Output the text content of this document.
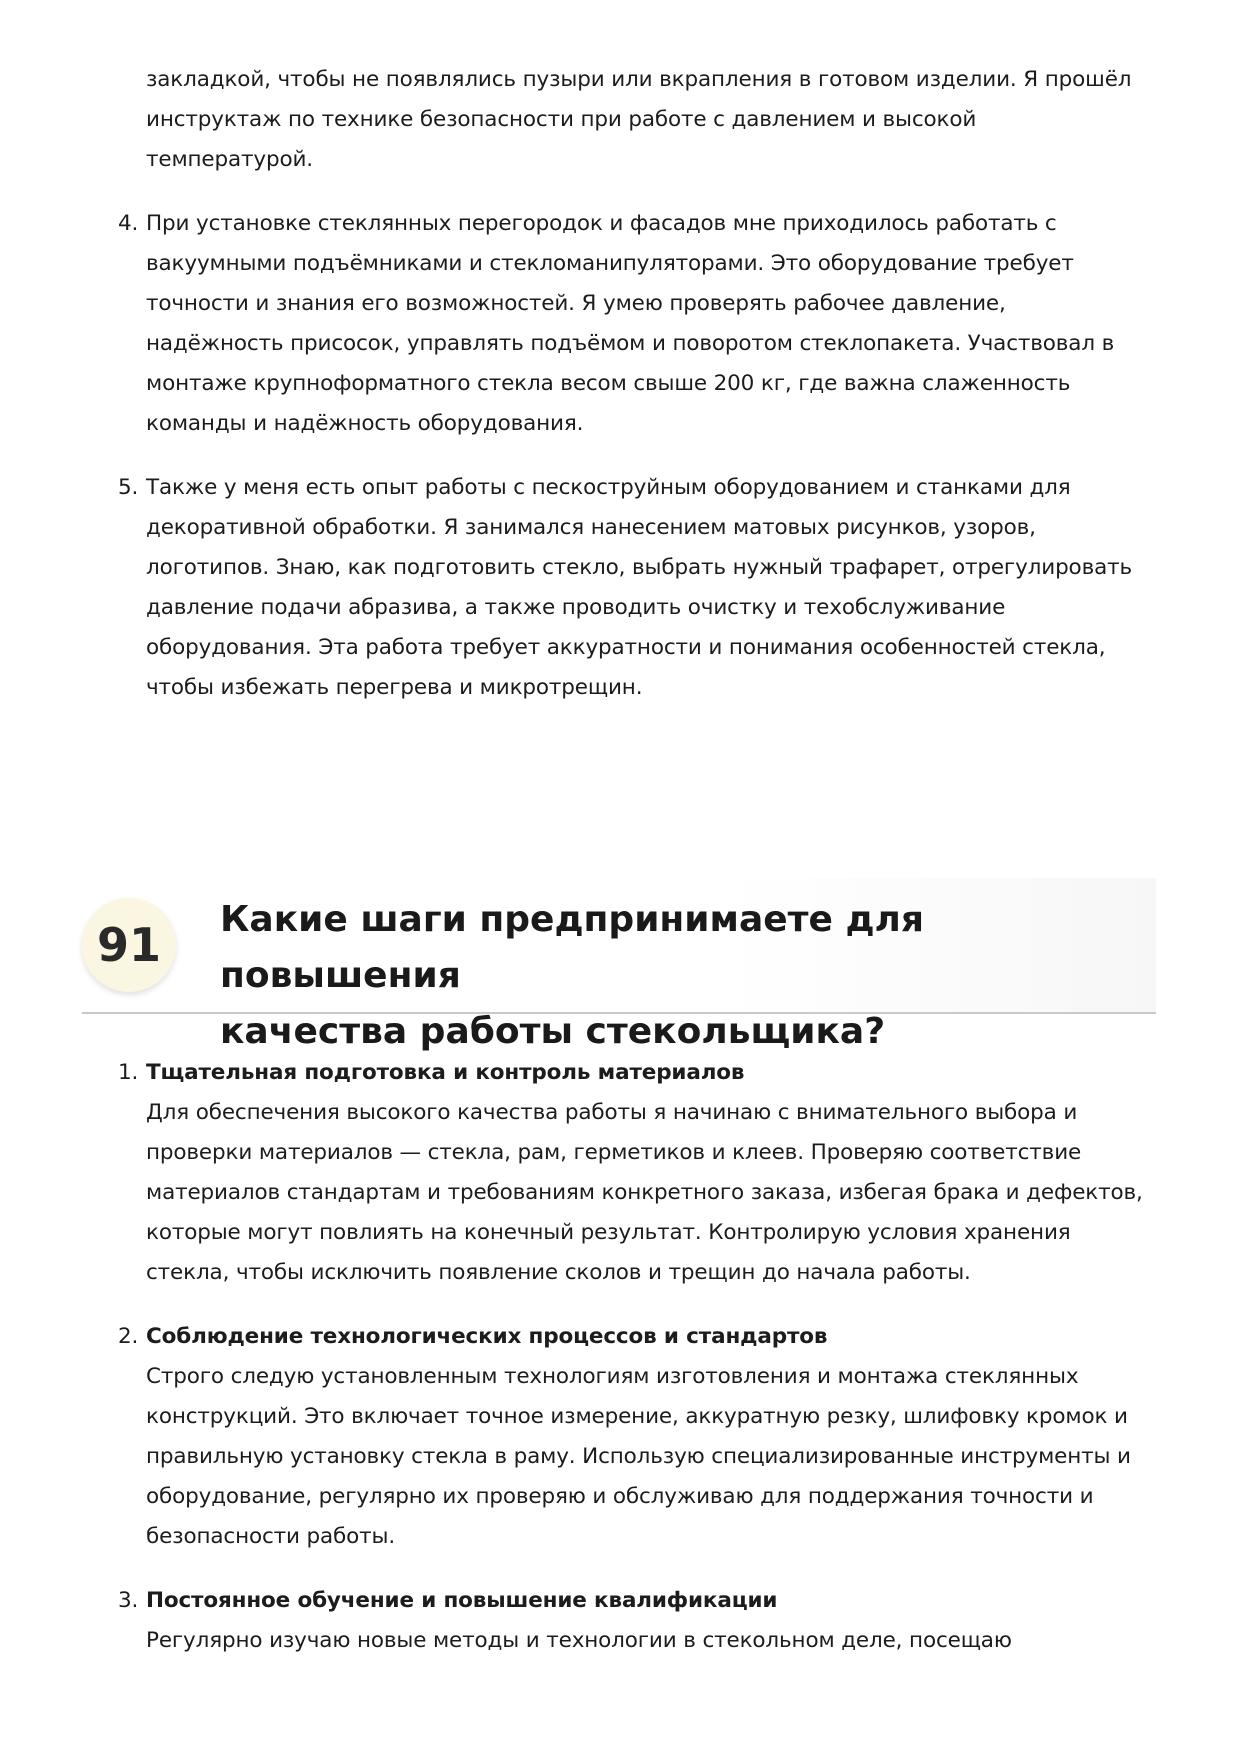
закладкой, чтобы не появлялись пузыри или вкрапления в готовом изделии. Я прошёл

инструктаж по технике безопасности при работе с давлением и высокой

температурой.

4. При установке стеклянных перегородок и фасадов мне приходилось работать с

вакуумными подъёмниками и стекломанипуляторами. Это оборудование требует

точности и знания его возможностей. Я умею проверять рабочее давление,

надёжность присосок, управлять подъёмом и поворотом стеклопакета. Участвовал в

монтаже крупноформатного стекла весом свыше 200 кг, где важна слаженность

команды и надёжность оборудования.

5. Также у меня есть опыт работы с пескоструйным оборудованием и станками для

декоративной обработки. Я занимался нанесением матовых рисунков, узоров,

логотипов. Знаю, как подготовить стекло, выбрать нужный трафарет, отрегулировать

давление подачи абразива, а также проводить очистку и техобслуживание

оборудования. Эта работа требует аккуратности и понимания особенностей стекла,

чтобы избежать перегрева и микротрещин.

91	Какие шаги предпринимаете для повышения
качества работы стекольщика?
1. Тщательная подготовка и контроль материалов

Для обеспечения высокого качества работы я начинаю с внимательного выбора и

проверки материалов — стекла, рам, герметиков и клеев. Проверяю соответствие

материалов стандартам и требованиям конкретного заказа, избегая брака и дефектов,

которые могут повлиять на конечный результат. Контролирую условия хранения

стекла, чтобы исключить появление сколов и трещин до начала работы.

2. Соблюдение технологических процессов и стандартов

Строго следую установленным технологиям изготовления и монтажа стеклянных

конструкций. Это включает точное измерение, аккуратную резку, шлифовку кромок и

правильную установку стекла в раму. Использую специализированные инструменты и

оборудование, регулярно их проверяю и обслуживаю для поддержания точности и

безопасности работы.

3. Постоянное обучение и повышение квалификации

Регулярно изучаю новые методы и технологии в стекольном деле, посещаю
